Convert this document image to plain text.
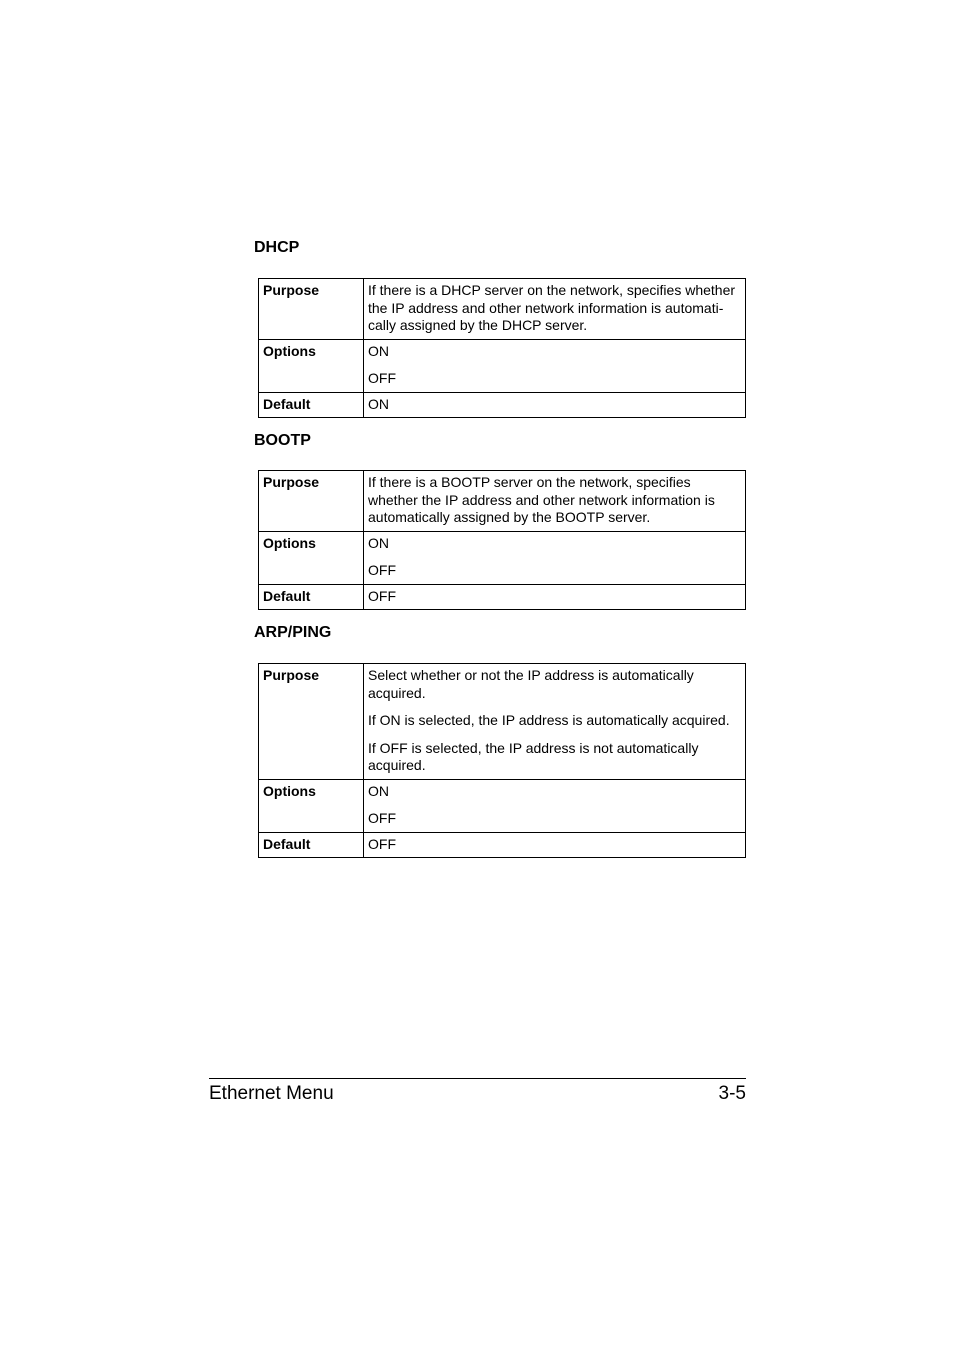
DHCP
Purpose	If there is a DHCP server on the network, specifies whether the IP address and other network information is automati-cally assigned by the DHCP server.

Options	ON
OFF

Default	ON
BOOTP
Purpose	If there is a BOOTP server on the network, specifies whether the IP address and other network information is automatically assigned by the BOOTP server.

Options	ON
OFF

Default	OFF
ARP/PING
Purpose	Select whether or not the IP address is automatically acquired.
If ON is selected, the IP address is automatically acquired.
If OFF is selected, the IP address is not automatically acquired.

Options	ON
OFF

Default	OFF
Ethernet Menu	3-5
